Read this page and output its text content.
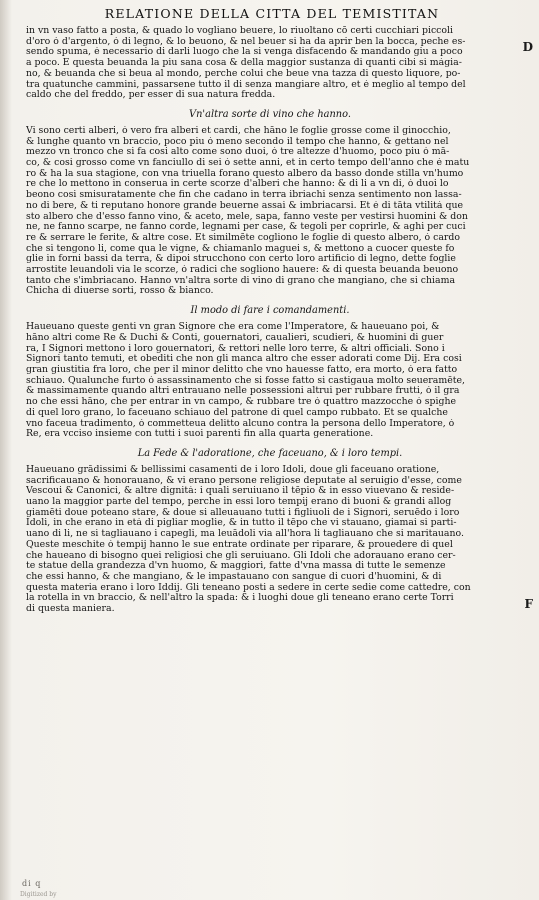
RELATIONE DELLA CITTA DEL TEMISTITAN
D
F
in vn vaso fatto a posta, & quado lo vogliano beuere, lo riuoltano cō certi cucchiari piccoli
d'oro ó d'argento, ó di legno, & lo beuono, & nel beuer si ha da aprir ben la bocca, peche es-
sendo spuma, é necessario di darli luogo che la si venga disfacendo & mandando giu a poco
a poco. E questa beuanda la piu sana cosa & della maggior sustanza di quanti cibi si mágia-
no, & beuanda che si beua al mondo, perche colui che beue vna tazza di questo liquore, po-
tra quatunche cammini, passarsene tutto il di senza mangiare altro, et é meglio al tempo del
caldo che del freddo, per esser di sua natura fredda.
Vn'altra sorte di vino che hanno.
Vi sono certi alberi, ó vero fra alberi et cardi, che hāno le foglie grosse come il ginocchio,
& lunghe quanto vn braccio, poco piu ó meno secondo il tempo che hanno, & gettano nel
mezzo vn tronco che si fa cosi alto come sono duoi, ó tre altezze d'huomo, poco piu ó mā-
co, & cosi grosso come vn fanciullo di sei ó sette anni, et in certo tempo dell'anno che é matu
ro & ha la sua stagione, con vna triuella forano questo albero da basso donde stilla vn'humo
re che lo mettono in conserua in certe scorze d'alberi che hanno: & di li a vn di, ó duoi lo
beono cosi smisuratamente che fin che cadano in terra ibriachi senza sentimento non lassa-
no di bere, & ti reputano honore grande beuerne assai & imbriacarsi. Et é di tāta vtilitá que
sto albero che d'esso fanno vino, & aceto, mele, sapa, fanno veste per vestirsi huomini & don
ne, ne fanno scarpe, ne fanno corde, legnami per case, & tegoli per coprirle, & aghi per cuci
re & serrare le ferite, & altre cose. Et similmēte cogliono le foglie di questo albero, ó cardo
che si tengono li, come qua le vigne, & chiamanlo maguei s, & mettono a cuocer queste fo
glie in forni bassi da terra, & dipoi strucchono con certo loro artificio di legno, dette foglie
arrostite leuandoli via le scorze, ó radici che sogliono hauere: & di questa beuanda beuono
tanto che s'imbriacano. Hanno vn'altra sorte di vino di grano che mangiano, che si chiama
Chicha di diuerse sorti, rosso & bianco.
Il modo di fare i comandamenti.
Haueuano queste genti vn gran Signore che era come l'Imperatore, & haueuano poi, &
hāno altri come Re & Duchi & Conti, gouernatori, caualieri, scudieri, & huomini di guer
ra, I Signori mettono i loro gouernatori, & rettori nelle loro terre, & altri officiali. Sono i
Signori tanto temuti, et obediti che non gli manca altro che esser adorati come Dij. Era cosi
gran giustitia fra loro, che per il minor delitto che vno hauesse fatto, era morto, ó era fatto
schiauo. Qualunche furto ó assassinamento che si fosse fatto si castigaua molto seueramēte,
& massimamente quando altri entrauano nelle possessioni altrui per rubbare frutti, ó il gra
no che essi hāno, che per entrar in vn campo, & rubbare tre ó quattro mazzocche ó spighe
di quel loro grano, lo faceuano schiauo del patrone di quel campo rubbato. Et se qualche
vno faceua tradimento, ó commetteua delitto alcuno contra la persona dello Imperatore, ó
Re, era vcciso insieme con tutti i suoi parenti fin alla quarta generatione.
La Fede & l'adoratione, che faceuano, & i loro tempi.
Haueuano grādissimi & bellissimi casamenti de i loro Idoli, doue gli faceuano oratione,
sacrificauano & honorauano, & vi erano persone religiose deputate al seruigio d'esse, come
Vescoui & Canonici, & altre dignitá: i quali seruiuano il tēpio & in esso viuevano & reside-
uano la maggior parte del tempo, perche in essi loro tempij erano di buoni & grandi allog
giamēti doue poteano stare, & doue si alleuauano tutti i figliuoli de i Signori, seruēdo i loro
Idoli, in che erano in etá di pigliar moglie, & in tutto il tēpo che vi stauano, giamai si parti-
uano di li, ne si tagliauano i capegli, ma leuādoli via all'hora li tagliauano che si maritauano.
Queste meschite ó tempij hanno le sue entrate ordinate per riparare, & prouedere di quel
che haueano di bisogno quei religiosi che gli seruiuano. Gli Idoli che adorauano erano cer-
te statue della grandezza d'vn huomo, & maggiori, fatte d'vna massa di tutte le semenze
che essi hanno, & che mangiano, & le impastauano con sangue di cuori d'huomini, & di
questa materia erano i loro Iddij. Gli teneano posti a sedere in certe sedie come cattedre, con
la rotella in vn braccio, & nell'altro la spada: & i luoghi doue gli teneano erano certe Torri
di questa maniera.
di q
Digitized by
